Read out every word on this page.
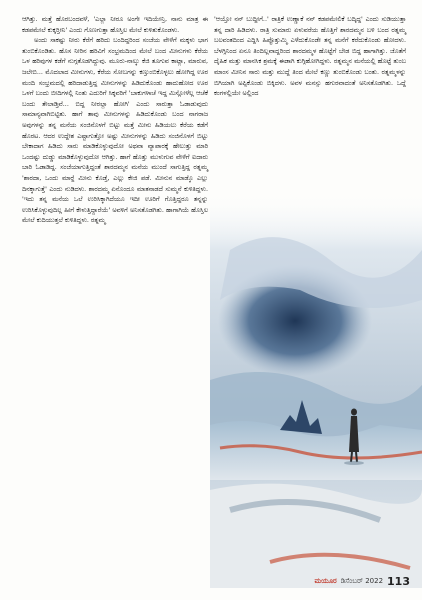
ಆಗಿತ್ತು. ಮತ್ತೆ ಹೊರಬಂದವಳೆ, 'ಎಲ್ಲಾ ನೀರೂ ಅಂಗೇ ಇದಿಯೇನ್ರಿ, ನಾನು ಮಾತ್ರ ಈ ಕಡಪಮೇಲೆ ಕುಕ್ಕರ‍್ತೀನಿ' ಎಂದು ಗೊಣಗುತ್ತಾ ಹೊಸ್ತಿಲ ಮೇಲೆ ಕುಳಿತುಕೊಂಡಳು.

ಅಂದು ಸಾಕಷ್ಟು ನೀರು ಕೆರೆಗೆ ಹರಿದು ಬಂದಿದ್ದರಿಂದ ಸಂಜೆಯ ವೇಳೆಗೆ ಮಕ್ಕಳು ಭಾಗ ತುಂಬಿಕೊಂಡಿತು. ಹೊಸ ನೀರಿನ ಹರಿವಿಗೆ ಸಂಭ್ರಮದಿಂದ ಮೇಲೆ ಬಂದ ಮೀನುಗಳು ಕೆರೆಯ ಒಳ ಹರಿವುಗಳ ಕಡೆಗೆ ನುಗ್ಗತೊಡಗಿದ್ದುವು. ಮೂರು-ನಾಲ್ಕು ಕೆಜಿ ತೂಗುವ ಕಾಟ್ಲಾ, ಮಾರುವ, ಜಲೇಬಿ... ಮೊದಲಾದ ಮೀನುಗಳು, ಕೆರೆಯ ಸೋಬಗನ್ನು ಕಣ್ತುಂಬಿಕೊಳ್ಳಲು ಹೋಗಿದ್ದ ಊರ ಮಂದಿ ಸಂಭ್ರಮದಲ್ಲಿ ಹರಿದಾಡುತ್ತಿದ್ದ ಮೀನುಗಳನ್ನು ಹಿಡಿದುಕೊಂಡು ಹಾದುಹೋದ ಊರ ಒಳಗೆ ಬಂದು ಬೀದಿಗಳಲ್ಲಿ ನಿಂತು ಎದುರಿಗೆ ಸಿಕ್ಕವರಿಗೆ 'ಬಾಕುಗಳಾಚೆ ಇದ್ದ ಮಿಸ್ಲೋಳೆಲ್ಲ ಆಚೆಕೆ ಬಂದು ತೇಲಾಡ್ತಿವೆ... ಬಿದ್ದ ನೀರಲ್ಲಾ ಹೋಗಿ' ಎಂದು ಸಾರುತ್ತಾ ಓಡಾಡುವುದು ಸಾಮಾನ್ಯವಾಗಿಬಿಟ್ಟಿತು. ಹಾಗೆ ತಾವು ಮೀನುಗಳನ್ನು ಹಿಡಿದುಕೊಂಡು ಬಂದ ನಾಗರಾಜ ಅವುಗಳನ್ನು ತನ್ನ ಮನೆಯ ಸಂಜಿನೊಳಗೆ ಬಿಟ್ಟು ಮತ್ತೆ ಮೀನು ಹಿಡಿಯಲು ಕೆರೆಯ ಕಡೆಗೆ ಹೊರಟ. ಆದರ ಉದ್ದೇಶ ಎಷ್ಟಾಗುತ್ತೋ ಅಷ್ಟು ಮೀನುಗಳನ್ನು ಹಿಡಿದು ಸಂಜಿನೊಳಗೆ ಬಿಟ್ಟು ಬೇಕಾದಾಗ ಹಿಡಿದು ಸಾರು ಮಾಡಿಕೊಳ್ಳುವುದೋ ಅಥವಾ ವ್ಯಾಪಾರಕ್ಕೆ ಹೇಲುತ್ತು ಮಾರಿ ಒಂದಷ್ಟು ದುಡ್ಡು ಮಾಡಿಕೊಳ್ಳುವುದೋ ಆಗಿತ್ತು. ಹಾಗೆ ಹೊತ್ತು ಮುಳುಗುವ ವೇಳೆಗೆ ಐದಾರು ಬಾರಿ ಓಡಾಡಿದ್ದ. ಸಂಜೆಯಾಗುತ್ತಿದ್ದಂತೆ ಶಾರದಮ್ಮನ ಮನೆಯ ಮುಂದೆ ಸಾಗುತ್ತಿದ್ದ ರತ್ನಮ್ಮ 'ಶಾರದಾ, ಒಂದು ಮಾರ‍್ದೆ ಮೀನು ಕೊಡ್ತೆ, ಎಲ್ಲು ಕೇಜಿ ಪಡೆ. ಮೀನುನ ಮಾಡ್ಕೊ ಎಲ್ಲು ದಿನಕ್ಕಾಗುತ್ತೆ' ಎಂದು ನುಡಿದಳು. ಶಾರದಮ್ಮ ಏನೊಂದೂ ಮಾತನಾಡದೆ ಸುಮ್ಮನೆ ಕುಳಿತಿದ್ದಳು. 'ಇದು ತನ್ನ ಮನೆಯ ಒಲೆ ಉರಿಸಿಕ್ಕಾಗಿದೆಯೂ ಇದೀ ಊರಿಗೆ ಗೊತ್ತಿದ್ದರೂ ತನ್ನನ್ನು ಉರಿಸಿಕೊಳ್ಳುವುದಿಲ್ಲ ಹೀಗೆ ಕೇಳುತ್ತಿದ್ದಾರೆಯೆ' ಅವಳಿಗೆ ಅನಿಸತೊಡಗಿತು. ಹಾಗಾಗಿಯೆ ಹೊಸ್ತಿಲ ಮೇಲೆ ಕುದಿಯುತ್ತಲೆ ಕುಳಿತಿದ್ದಳು. ರತ್ನಮ್ಮ

'ಆಯ್ತೋ ನನ್ ಬುದ್ದೀಗೆ..' ರಾತ್ರಿಕೆ ಉಣ್ಣಾಕೆ ನನ್ ಕಡಪಮೇಲಿಕೆ ಬದ್ಕಿದ್ದ' ಎಂದು ಸುಡಿಯುತ್ತಾ ತನ್ನ ದಾರಿ ಹಿಡಿದಳು. ರಾತ್ರಿ ಸುಮಾರು ಏಳುವರೆಯ ಹೊತ್ತಿಗೆ ಶಾರದಮ್ಮನ ಬಳಿ ಬಂದ ರತ್ನಮ್ಮ ಬಲವಂತದಿಂದ ಎದ್ದಿಸಿ ಹಿಪ್ಪೊತ್ತುಮ್ಮಿ ಎಳೆದುಕೊಂಡೇ ತನ್ನ ಮನೆಗೆ ಕರೆದುಕೊಂಡು ಹೋದಳು. ಬೆಳಗ್ಗಿನಿಂದ ಏನೂ ತಿಂದಿಲ್ಲವಾದ್ದರಿಂದ ಶಾರದಮ್ಮಳ ಹೊಟ್ಟೆಗೆ ಬೇಡ ಬಿದ್ದ ಹಾಗಾಗಿತ್ತು. ಜೊತೆಗೆ ದೈಹಿಕ ಮತ್ತು ಮಾನಸಿಕ ಶ್ರಮಕ್ಕೆ ಈಡಾಗಿ ಕುಗ್ಗಿಹೋಗಿದ್ದಳು. ರತ್ನಮ್ಮನ ಮನೆಯಲ್ಲಿ ಹೊಟ್ಟೆ ತುಂಬ ಮಾಂಸ ಮೀನಿನ ಸಾರು ಮತ್ತು ಮುದ್ದೆ ತಿಂದ ಮೇಲೆ ಕಣ್ಣು ತುಂಬಿಕೊಂಡು ಬಂತು. ರತ್ನಮ್ಮಳನ್ನು ಬಿಗಿಯಾಗಿ ಅಪ್ಪಿಕೊಂಡು ಬಿಕ್ಕಿದಳು. ಅವಳ ಮನಸ್ಸು ಹಗುರವಾದಂತೆ ಅನಿಸತೊಡಗಿತು. ಒದ್ದೆ ಕಂಗಳಲ್ಲಿಯೇ ಅಲ್ಲಿಂದ

ಮಯೂರ ಡಿಸೆಂಬರ್ 2022 113
